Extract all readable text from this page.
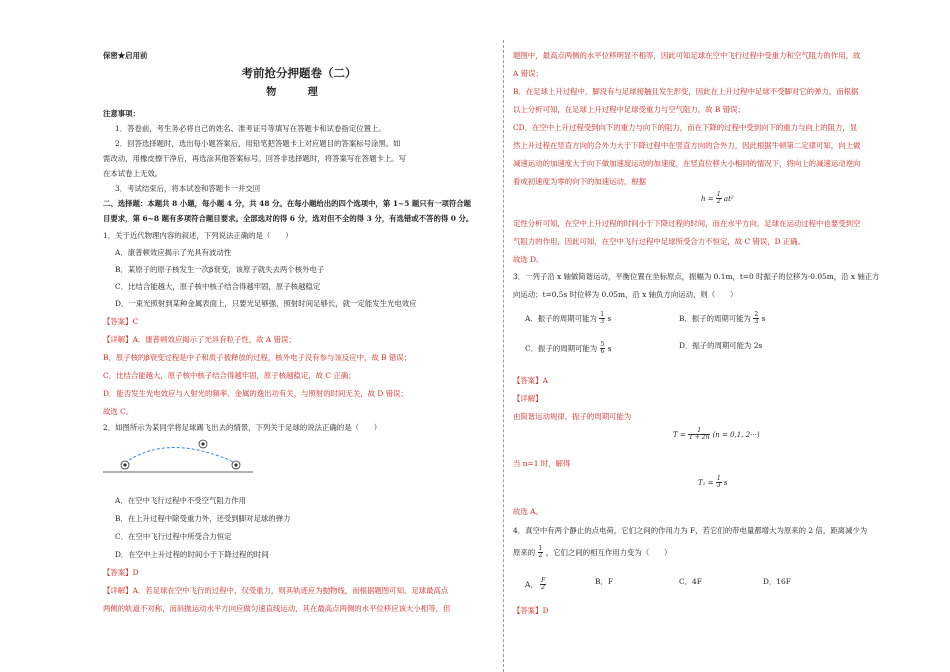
保密★启用前
考前抢分押题卷（二）
物 理
注意事项：
1．答卷前，考生务必将自己的姓名、准考证号等填写在答题卡和试卷指定位置上。
2．回答选择题时，选出每小题答案后，用铅笔把答题卡上对应题目的答案标号涂黑。如
需改动，用橡皮擦干净后，再选涂其他答案标号。回答非选择题时，将答案写在答题卡上。写
在本试卷上无效。
3．考试结束后，将本试卷和答题卡一并交回
二、选择题：本题共 8 小题，每小题 4 分，共 48 分。在每小题给出的四个选项中，第 1~5 题只有一项符合题
目要求，第 6~8 题有多项符合题目要求。全部选对的得 6 分，选对但不全的得 3 分，有选错或不答的得 0 分。
1．关于近代物理内容的叙述，下列说法正确的是（　　）
A．康普顿效应揭示了光具有波动性
B．某原子的原子核发生一次β衰变，该原子就失去两个核外电子
C．比结合能越大，原子核中核子结合得越牢固，原子核越稳定
D．一束光照射到某种金属表面上，只要光足够强，照射时间足够长，就一定能发生光电效应
【答案】C
【详解】A．康普顿效应揭示了光具有粒子性，故 A 错误；
B．原子核的β衰变过程是中子和质子被释放的过程，核外电子没有参与该反应中，故 B 错误；
C．比结合能越大，原子核中核子结合得越牢固，原子核越稳定，故 C 正确；
D．能否发生光电效应与入射光的频率、金属的逸出功有关，与照射的时间无关，故 D 错误；
故选 C。
2．如图所示为某同学将足球踢飞出去的情景，下列关于足球的说法正确的是（　　）
A．在空中飞行过程中不受空气阻力作用
B．在上升过程中除受重力外，还受到脚对足球的弹力
C．在空中飞行过程中所受合力恒定
D．在空中上升过程的时间小于下降过程的时间
【答案】D
【详解】A．若足球在空中飞行的过程中，仅受重力，则其轨迹应为抛物线，而根据题图可知，足球最高点
两侧的轨道不对称，而斜抛运动水平方向应做匀速直线运动，其在最高点两侧的水平位移应该大小相等，但
题图中，最高点两侧的水平位移明显不相等，因此可知足球在空中飞行过程中受重力和空气阻力的作用，故
A 错误；
B．在足球上升过程中，脚没有与足球接触且发生形变，因此在上升过程中足球不受脚对它的弹力，而根据
以上分析可知，在足球上升过程中足球受重力与空气阻力，故 B 错误；
CD．在空中上升过程受到向下的重力与向下的阻力，而在下降的过程中受到向下的重力与向上的阻力，显
然上升过程在竖直方向的合外力大于下降过程中在竖直方向的合外力，因此根据牛顿第二定律可知，向上做
减速运动的加速度大于向下做加速度运动的加速度，在竖直位移大小相同的情况下，将向上的减速运动逆向
看成初速度为零的向下的加速运动，根据
$h = \frac{1}{2} at^2$
定性分析可知，在空中上升过程的时间小于下降过程的时间，而在水平方向，足球在运动过程中也要受到空
气阻力的作用，因此可知，在空中飞行过程中足球所受合力不恒定，故 C 错误，D 正确。
故选 D。
3．一列子沿 x 轴做简谐运动，平衡位置在坐标原点，振幅为 0.1m，t=0 时振子的位移为-0.05m，沿 x 轴正方
向运动；t=0.5s 时位移为 0.05m，沿 x 轴负方向运动，则（　　）
A．振子的周期可能为 $\frac{1}{3}$ s	B．振子的周期可能为 $\frac{2}{3}$ s
C．振子的周期可能为 $\frac{5}{6}$ s	D．振子的周期可能为 2s
【答案】A
【详解】
由简谐运动规律，振子的周期可能为
$T = \frac{1}{1 + 2n} (n = 0,1$, 2···)
当 n=1 时，解得
$T_1 = \frac{1}{3}$ s
故选 A。
4．真空中有两个静止的点电荷，它们之间的作用力为 F，若它们的带电量都增大为原来的 2 倍，距离减少为
原来的 $\frac{1}{2}$ ，它们之间的相互作用力变为（　　）
A． $\frac{F}{2}$	B．F	C．4F	D．16F
【答案】D
